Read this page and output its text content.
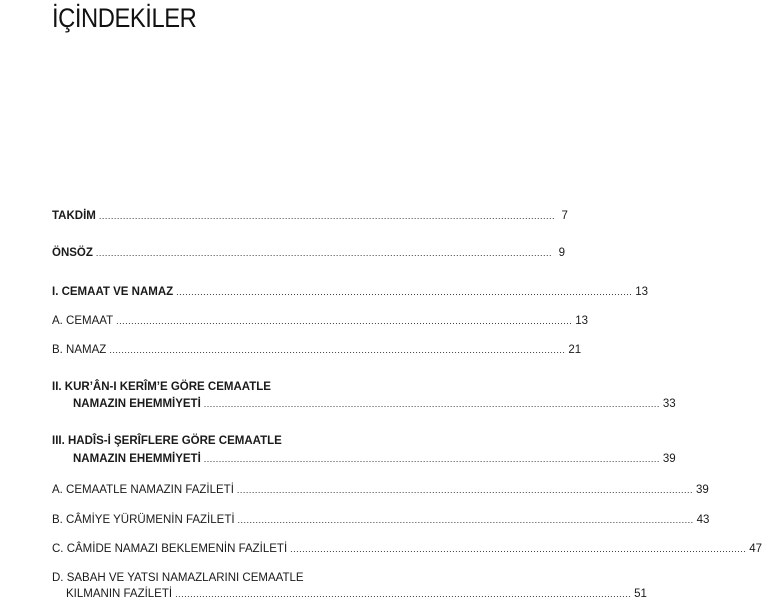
İÇİNDEKİLER
TAKDİM ........................................................................................................................................................ 7
ÖNSÖZ ........................................................................................................................................................ 9
I. CEMAAT VE NAMAZ ........................................................................................................................................................ 13
A. CEMAAT ........................................................................................................................................................ 13
B. NAMAZ ........................................................................................................................................................ 21
II. KUR’ÂN-I KERÎM’E GÖRE CEMAATLE
NAMAZIN EHEMMİYETİ ........................................................................................................................................................ 33
III. HADÎS-İ ŞERÎFLERE GÖRE CEMAATLE
NAMAZIN EHEMMİYETİ ........................................................................................................................................................ 39
A. CEMAATLE NAMAZIN FAZİLETİ ........................................................................................................................................................ 39
B. CÂMİYE YÜRÜMENİN FAZİLETİ ........................................................................................................................................................ 43
C. CÂMİDE NAMAZI BEKLEMENİN FAZİLETİ ........................................................................................................................................................ 47
D. SABAH VE YATSI NAMAZLARINI CEMAATLE
KILMANIN FAZİLETİ ........................................................................................................................................................ 51
